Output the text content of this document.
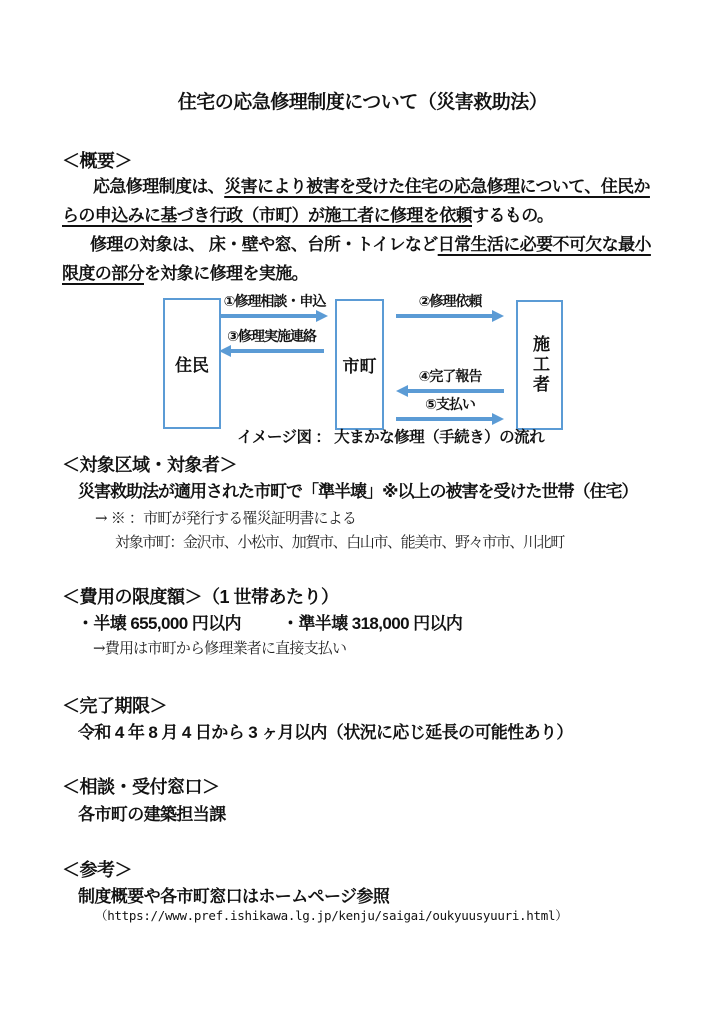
住宅の応急修理制度について（災害救助法）
＜概要＞
応急修理制度は、災害により被害を受けた住宅の応急修理について、住民か
らの申込みに基づき行政（市町）が施工者に修理を依頼するもの。
修理の対象は、 床・壁や窓、台所・トイレなど日常生活に必要不可欠な最小
限度の部分を対象に修理を実施。
住民	市町	施工者
①修理相談・申込
③修理実施連絡
②修理依頼
④完了報告
⑤支払い
イメージ図 ： 大まかな修理（手続き）の流れ
＜対象区域・対象者＞
災害救助法が適用された市町で「準半壊」※以上の被害を受けた世帯（住宅）
→ ※ ：市町が発行する罹災証明書による
対象市町：金沢市、小松市、加賀市、白山市、能美市、野々市市、川北町
＜費用の限度額＞（1 世帯あたり）
・半壊 655,000 円以内 ・準半壊 318,000 円以内
→費用は市町から修理業者に直接支払い
＜完了期限＞
令和 4 年 8 月 4 日から 3 ヶ月以内（状況に応じ延長の可能性あり）
＜相談・受付窓口＞
各市町の建築担当課
＜参考＞
制度概要や各市町窓口はホームページ参照
（https://www.pref.ishikawa.lg.jp/kenju/saigai/oukyuusyuuri.html）
